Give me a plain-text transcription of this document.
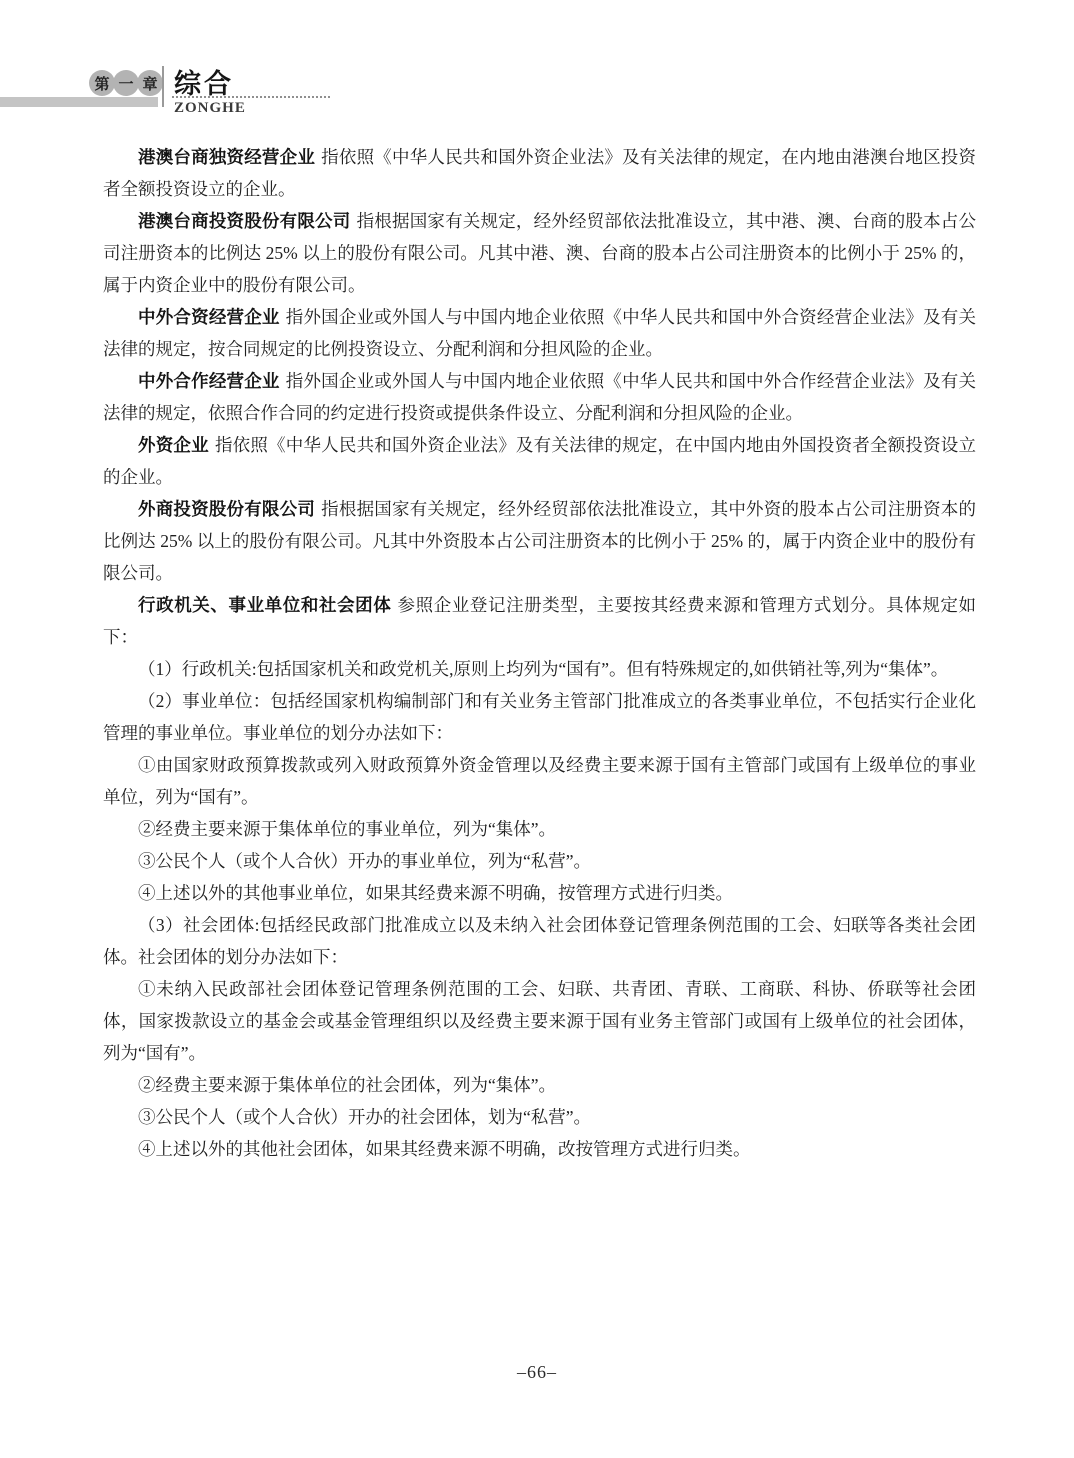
第 一 章 综合
ZONGHE

港澳台商独资经营企业 指依照《中华人民共和国外资企业法》及有关法律的规定，在内地由港澳台地区投资者全额投资设立的企业。

港澳台商投资股份有限公司 指根据国家有关规定，经外经贸部依法批准设立，其中港、澳、台商的股本占公司注册资本的比例达 25% 以上的股份有限公司。凡其中港、澳、台商的股本占公司注册资本的比例小于 25% 的，属于内资企业中的股份有限公司。

中外合资经营企业 指外国企业或外国人与中国内地企业依照《中华人民共和国中外合资经营企业法》及有关法律的规定，按合同规定的比例投资设立、分配利润和分担风险的企业。

中外合作经营企业 指外国企业或外国人与中国内地企业依照《中华人民共和国中外合作经营企业法》及有关法律的规定，依照合作合同的约定进行投资或提供条件设立、分配利润和分担风险的企业。

外资企业 指依照《中华人民共和国外资企业法》及有关法律的规定，在中国内地由外国投资者全额投资设立的企业。

外商投资股份有限公司 指根据国家有关规定，经外经贸部依法批准设立，其中外资的股本占公司注册资本的比例达 25% 以上的股份有限公司。凡其中外资股本占公司注册资本的比例小于 25% 的，属于内资企业中的股份有限公司。

行政机关、事业单位和社会团体 参照企业登记注册类型，主要按其经费来源和管理方式划分。具体规定如下：

（1）行政机关:包括国家机关和政党机关,原则上均列为“国有”。但有特殊规定的,如供销社等,列为“集体”。

（2）事业单位：包括经国家机构编制部门和有关业务主管部门批准成立的各类事业单位，不包括实行企业化管理的事业单位。事业单位的划分办法如下：

①由国家财政预算拨款或列入财政预算外资金管理以及经费主要来源于国有主管部门或国有上级单位的事业单位，列为“国有”。

②经费主要来源于集体单位的事业单位，列为“集体”。

③公民个人（或个人合伙）开办的事业单位，列为“私营”。

④上述以外的其他事业单位，如果其经费来源不明确，按管理方式进行归类。

（3）社会团体:包括经民政部门批准成立以及未纳入社会团体登记管理条例范围的工会、妇联等各类社会团体。社会团体的划分办法如下：

①未纳入民政部社会团体登记管理条例范围的工会、妇联、共青团、青联、工商联、科协、侨联等社会团体，国家拨款设立的基金会或基金管理组织以及经费主要来源于国有业务主管部门或国有上级单位的社会团体，列为“国有”。

②经费主要来源于集体单位的社会团体，列为“集体”。

③公民个人（或个人合伙）开办的社会团体，划为“私营”。

④上述以外的其他社会团体，如果其经费来源不明确，改按管理方式进行归类。

–66–
